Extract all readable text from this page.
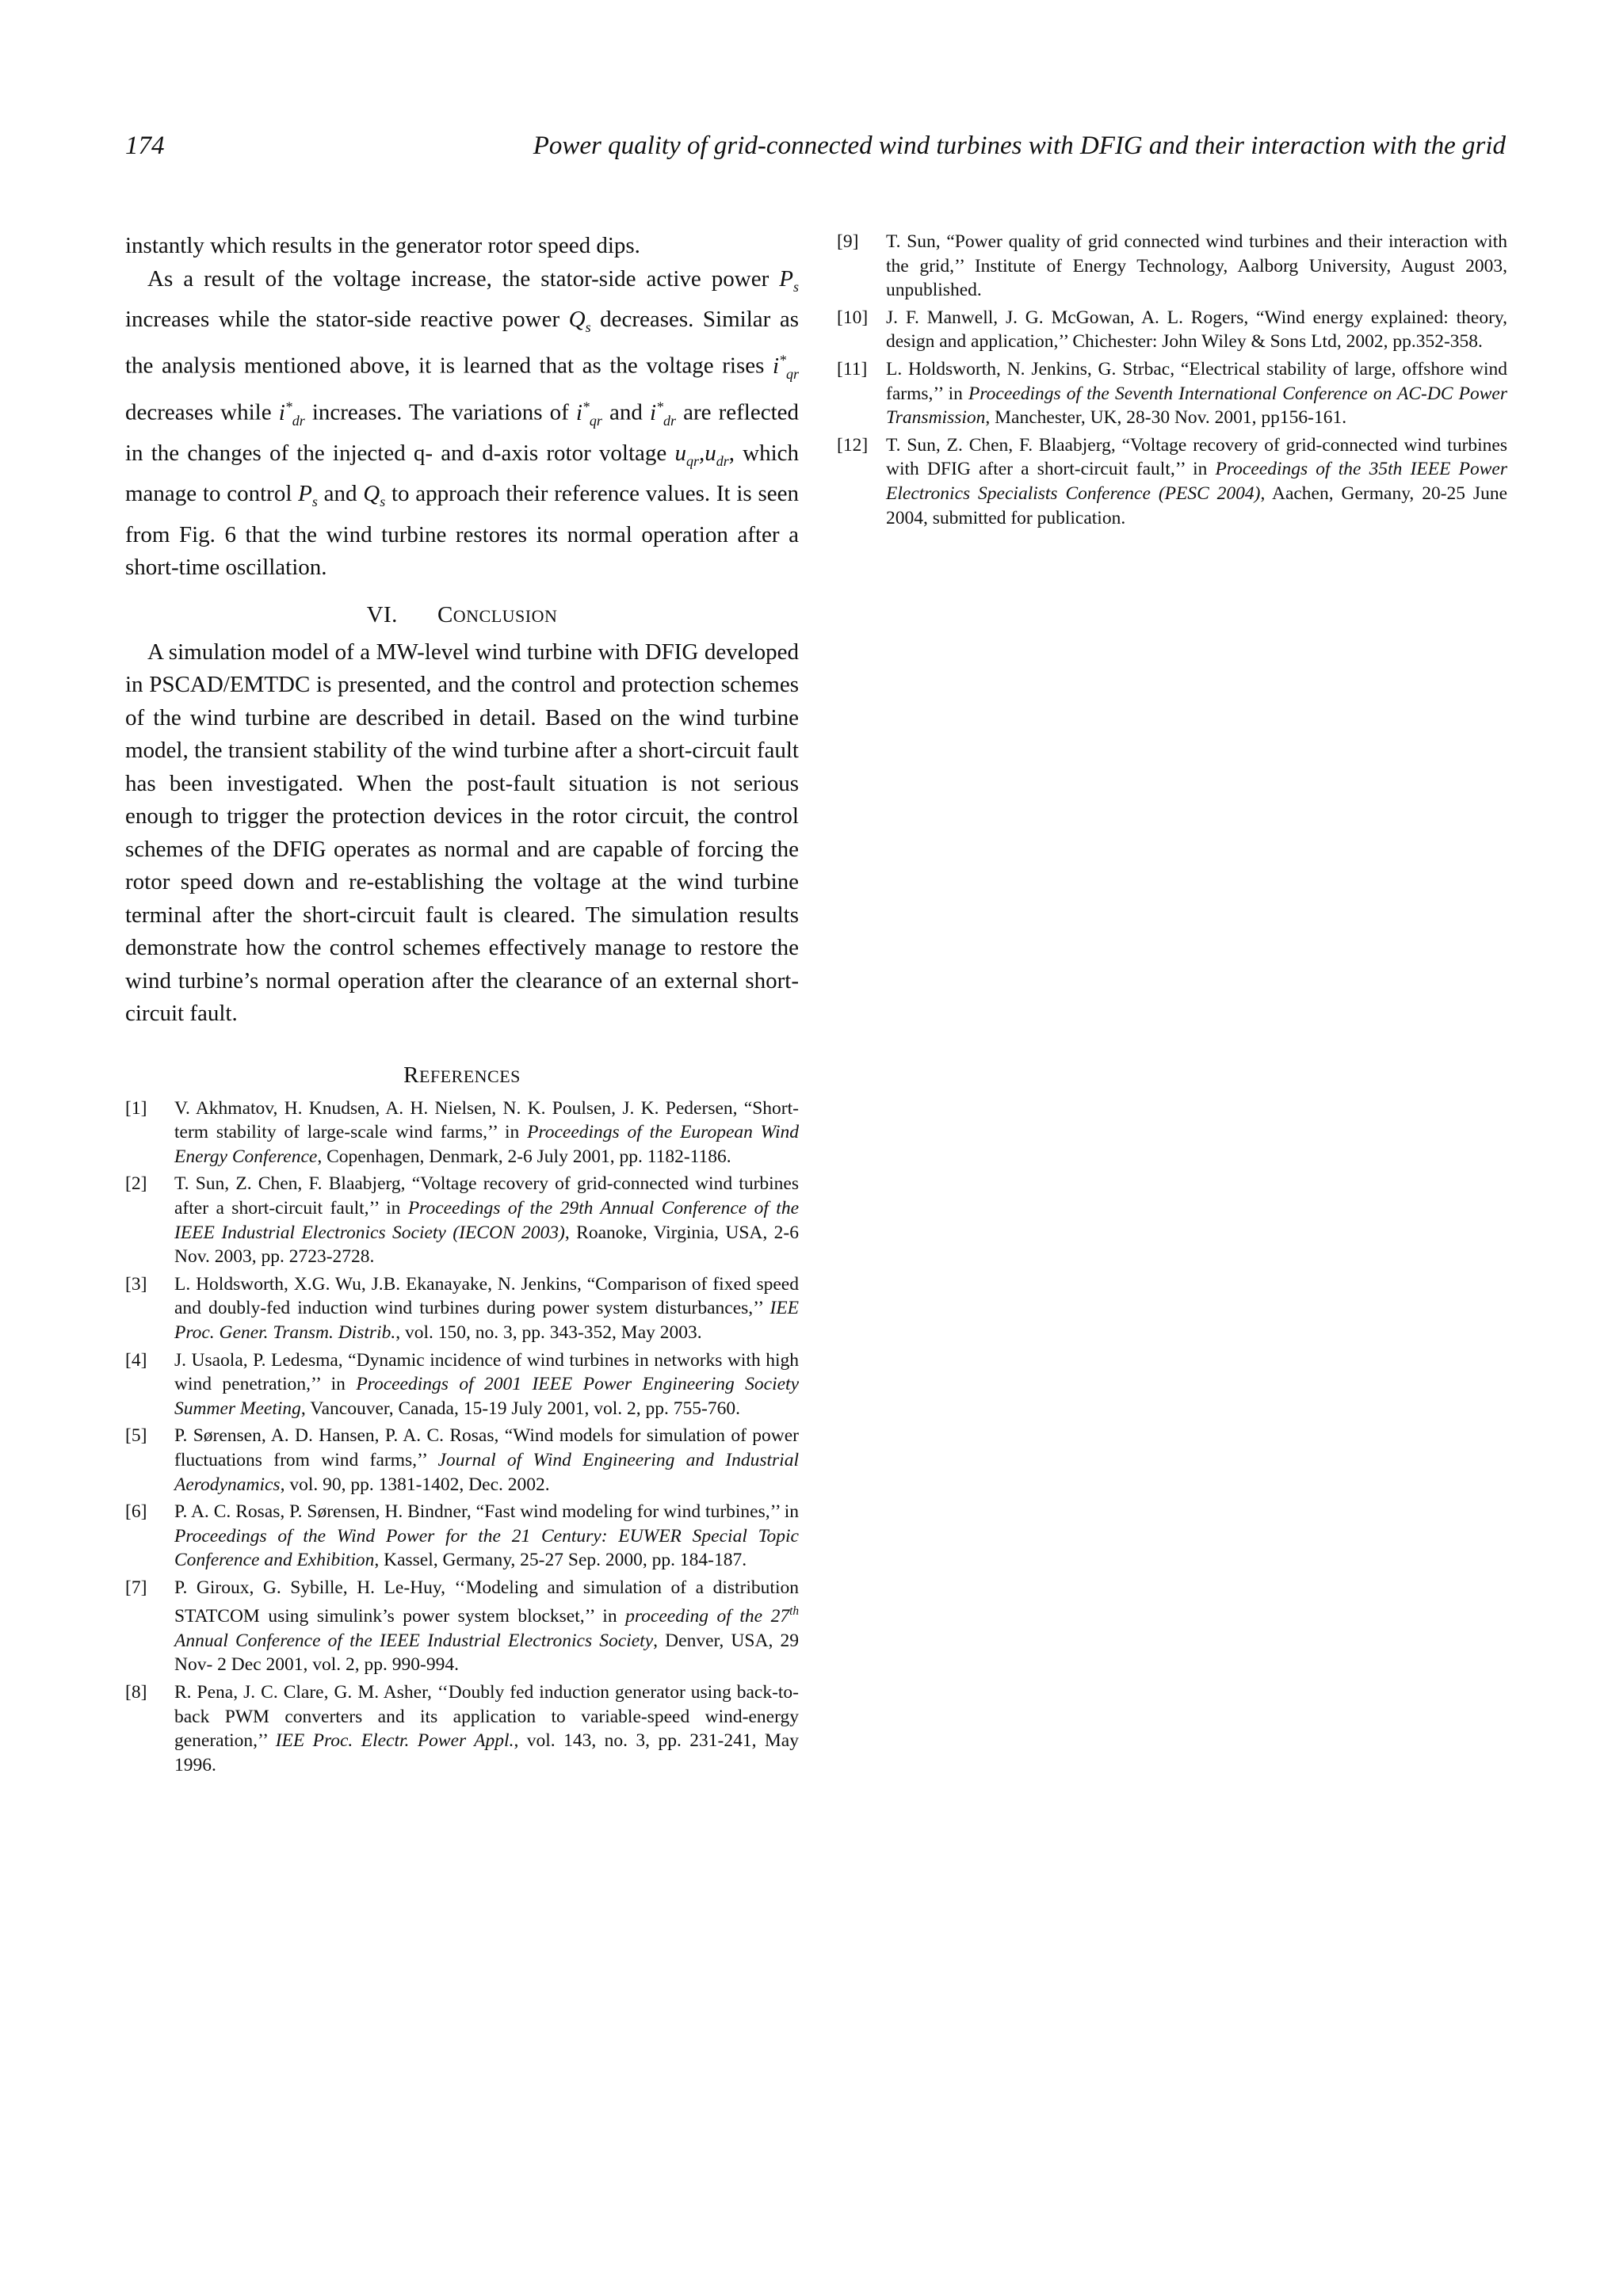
174	Power quality of grid-connected wind turbines with DFIG and their interaction with the grid

instantly which results in the generator rotor speed dips.

As a result of the voltage increase, the stator-side active power $P_s$ increases while the stator-side reactive power $Q_s$ decreases. Similar as the analysis mentioned above, it is learned that as the voltage rises $i^*_{qr}$ decreases while $i^*_{dr}$ increases. The variations of $i^*_{qr}$ and $i^*_{dr}$ are reflected in the changes of the injected q- and d-axis rotor voltage $u_{qr},u_{dr}$, which manage to control $P_s$ and $Q_s$ to approach their reference values. It is seen from Fig. 6 that the wind turbine restores its normal operation after a short-time oscillation.

VI. CONCLUSION

A simulation model of a MW-level wind turbine with DFIG developed in PSCAD/EMTDC is presented, and the control and protection schemes of the wind turbine are described in detail. Based on the wind turbine model, the transient stability of the wind turbine after a short-circuit fault has been investigated. When the post-fault situation is not serious enough to trigger the protection devices in the rotor circuit, the control schemes of the DFIG operates as normal and are capable of forcing the rotor speed down and re-establishing the voltage at the wind turbine terminal after the short-circuit fault is cleared. The simulation results demonstrate how the control schemes effectively manage to restore the wind turbine’s normal operation after the clearance of an external short-circuit fault.

REFERENCES
[1]	V. Akhmatov, H. Knudsen, A. H. Nielsen, N. K. Poulsen, J. K. Pedersen, “Short-term stability of large-scale wind farms,’’ in Proceedings of the European Wind Energy Conference, Copenhagen, Denmark, 2-6 July 2001, pp. 1182-1186.
[2]	T. Sun, Z. Chen, F. Blaabjerg, “Voltage recovery of grid-connected wind turbines after a short-circuit fault,’’ in Proceedings of the 29th Annual Conference of the IEEE Industrial Electronics Society (IECON 2003), Roanoke, Virginia, USA, 2-6 Nov. 2003, pp. 2723-2728.
[3]	L. Holdsworth, X.G. Wu, J.B. Ekanayake, N. Jenkins, “Comparison of fixed speed and doubly-fed induction wind turbines during power system disturbances,’’ IEE Proc. Gener. Transm. Distrib., vol. 150, no. 3, pp. 343-352, May 2003.
[4]	J. Usaola, P. Ledesma, “Dynamic incidence of wind turbines in networks with high wind penetration,’’ in Proceedings of 2001 IEEE Power Engineering Society Summer Meeting, Vancouver, Canada, 15-19 July 2001, vol. 2, pp. 755-760.
[5]	P. Sørensen, A. D. Hansen, P. A. C. Rosas, “Wind models for simulation of power fluctuations from wind farms,’’ Journal of Wind Engineering and Industrial Aerodynamics, vol. 90, pp. 1381-1402, Dec. 2002.
[6]	P. A. C. Rosas, P. Sørensen, H. Bindner, “Fast wind modeling for wind turbines,’’ in Proceedings of the Wind Power for the 21 Century: EUWER Special Topic Conference and Exhibition, Kassel, Germany, 25-27 Sep. 2000, pp. 184-187.
[7]	P. Giroux, G. Sybille, H. Le-Huy, ‘‘Modeling and simulation of a distribution STATCOM using simulink’s power system blockset,’’ in proceeding of the 27th Annual Conference of the IEEE Industrial Electronics Society, Denver, USA, 29 Nov- 2 Dec 2001, vol. 2, pp. 990-994.
[8]	R. Pena, J. C. Clare, G. M. Asher, ‘‘Doubly fed induction generator using back-to-back PWM converters and its application to variable-speed wind-energy generation,’’ IEE Proc. Electr. Power Appl., vol. 143, no. 3, pp. 231-241, May 1996.
[9]	T. Sun, “Power quality of grid connected wind turbines and their interaction with the grid,’’ Institute of Energy Technology, Aalborg University, August 2003, unpublished.
[10] J. F. Manwell, J. G. McGowan, A. L. Rogers, “Wind energy explained: theory, design and application,’’ Chichester: John Wiley & Sons Ltd, 2002, pp.352-358.
[11]	L. Holdsworth, N. Jenkins, G. Strbac, “Electrical stability of large, offshore wind farms,’’ in Proceedings of the Seventh International Conference on AC-DC Power Transmission, Manchester, UK, 28-30 Nov. 2001, pp156-161.
[12] T. Sun, Z. Chen, F. Blaabjerg, “Voltage recovery of grid-connected wind turbines with DFIG after a short-circuit fault,’’ in Proceedings of the 35th IEEE Power Electronics Specialists Conference (PESC 2004), Aachen, Germany, 20-25 June 2004, submitted for publication.
